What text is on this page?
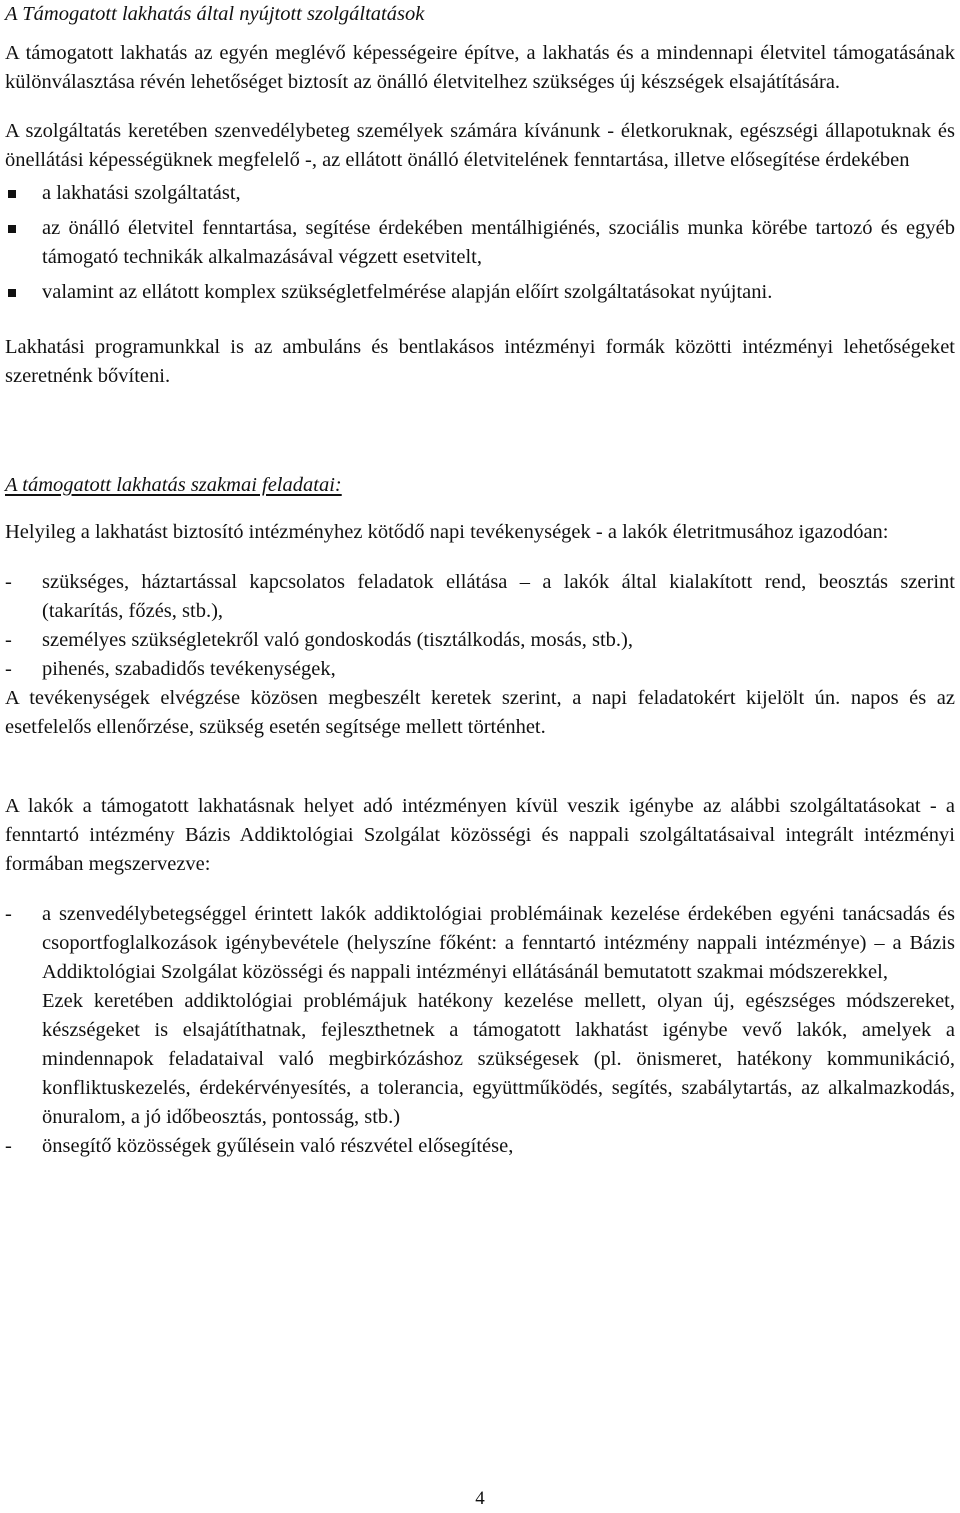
A Támogatott lakhatás által nyújtott szolgáltatások

A támogatott lakhatás az egyén meglévő képességeire építve, a lakhatás és a mindennapi életvitel támogatásának különválasztása révén lehetőséget biztosít az önálló életvitelhez szükséges új készségek elsajátítására.

A szolgáltatás keretében szenvedélybeteg személyek számára kívánunk - életkoruknak, egészségi állapotuknak és önellátási képességüknek megfelelő -, az ellátott önálló életvitelének fenntartása, illetve elősegítése érdekében

a lakhatási szolgáltatást,
az önálló életvitel fenntartása, segítése érdekében mentálhigiénés, szociális munka körébe tartozó és egyéb támogató technikák alkalmazásával végzett esetvitelt,
valamint az ellátott komplex szükségletfelmérése alapján előírt szolgáltatásokat nyújtani.

Lakhatási programunkkal is az ambuláns és bentlakásos intézményi formák közötti intézményi lehetőségeket szeretnénk bővíteni.

A támogatott lakhatás szakmai feladatai:

Helyileg a lakhatást biztosító intézményhez kötődő napi tevékenységek - a lakók életritmusához igazodóan:

-	szükséges, háztartással kapcsolatos feladatok ellátása – a lakók által kialakított rend, beosztás szerint (takarítás, főzés, stb.),
-	személyes szükségletekről való gondoskodás (tisztálkodás, mosás, stb.),
-	pihenés, szabadidős tevékenységek,

A tevékenységek elvégzése közösen megbeszélt keretek szerint, a napi feladatokért kijelölt ún. napos és az esetfelelős ellenőrzése, szükség esetén segítsége mellett történhet.

A lakók a támogatott lakhatásnak helyet adó intézményen kívül veszik igénybe az alábbi szolgáltatásokat - a fenntartó intézmény Bázis Addiktológiai Szolgálat közösségi és nappali szolgáltatásaival integrált intézményi formában megszervezve:

-	a szenvedélybetegséggel érintett lakók addiktológiai problémáinak kezelése érdekében egyéni tanácsadás és csoportfoglalkozások igénybevétele (helyszíne főként: a fenntartó intézmény nappali intézménye) – a Bázis Addiktológiai Szolgálat közösségi és nappali intézményi ellátásánál bemutatott szakmai módszerekkel,

Ezek keretében addiktológiai problémájuk hatékony kezelése mellett, olyan új, egészséges módszereket, készségeket is elsajátíthatnak, fejleszthetnek a támogatott lakhatást igénybe vevő lakók, amelyek a mindennapok feladataival való megbirkózáshoz szükségesek (pl. önismeret, hatékony kommunikáció, konfliktuskezelés, érdekérvényesítés, a tolerancia, együttműködés, segítés, szabálytartás, az alkalmazkodás, önuralom, a jó időbeosztás, pontosság, stb.)

-	önsegítő közösségek gyűlésein való részvétel elősegítése,
4
